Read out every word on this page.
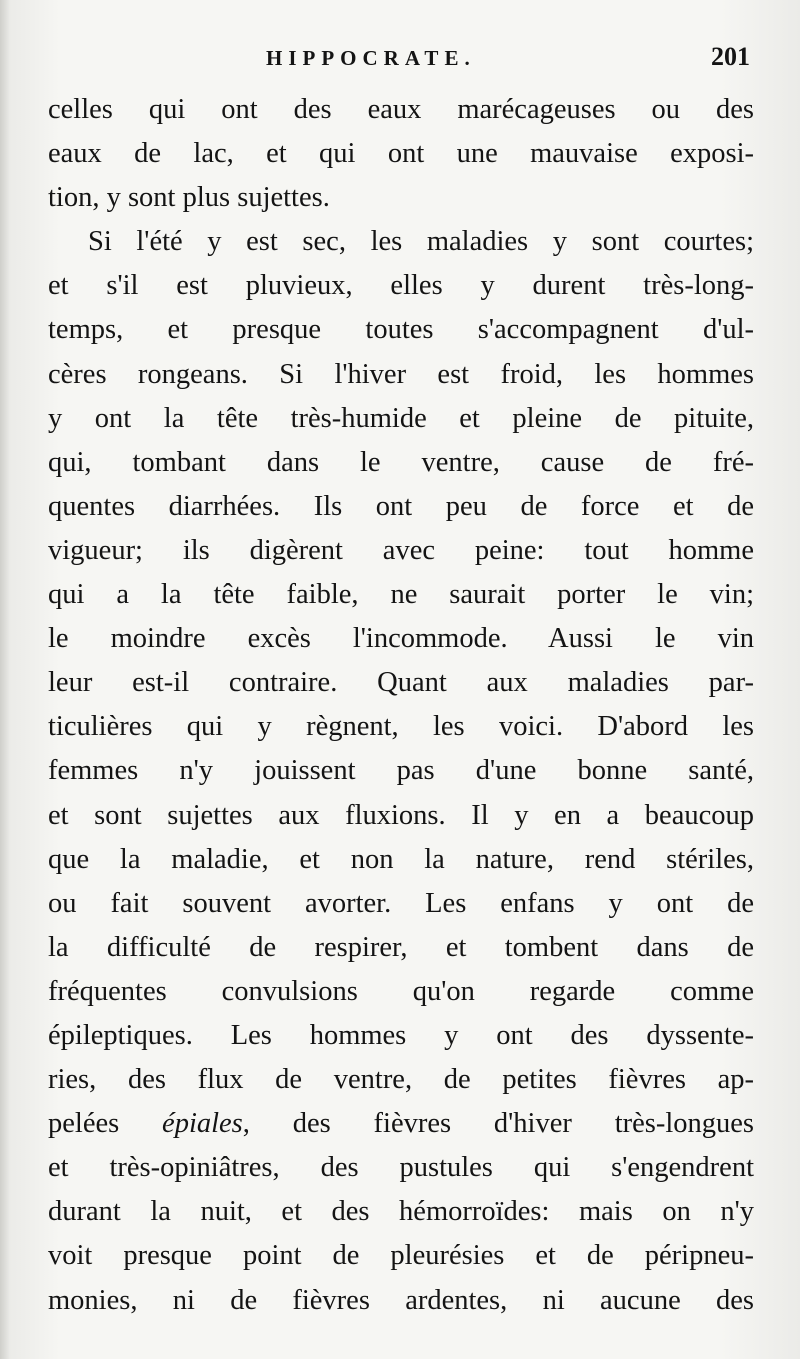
HIPPOCRATE.	201
celles qui ont des eaux marécageuses ou des
eaux de lac, et qui ont une mauvaise exposi-
tion, y sont plus sujettes.
Si l'été y est sec, les maladies y sont courtes;
et s'il est pluvieux, elles y durent très-long-
temps, et presque toutes s'accompagnent d'ul-
cères rongeans. Si l'hiver est froid, les hommes
y ont la tête très-humide et pleine de pituite,
qui, tombant dans le ventre, cause de fré-
quentes diarrhées. Ils ont peu de force et de
vigueur; ils digèrent avec peine: tout homme
qui a la tête faible, ne saurait porter le vin;
le moindre excès l'incommode. Aussi le vin
leur est-il contraire. Quant aux maladies par-
ticulières qui y règnent, les voici. D'abord les
femmes n'y jouissent pas d'une bonne santé,
et sont sujettes aux fluxions. Il y en a beaucoup
que la maladie, et non la nature, rend stériles,
ou fait souvent avorter. Les enfans y ont de
la difficulté de respirer, et tombent dans de
fréquentes convulsions qu'on regarde comme
épileptiques. Les hommes y ont des dyssente-
ries, des flux de ventre, de petites fièvres ap-
pelées épiales, des fièvres d'hiver très-longues
et très-opiniâtres, des pustules qui s'engendrent
durant la nuit, et des hémorroïdes: mais on n'y
voit presque point de pleurésies et de péripneu-
monies, ni de fièvres ardentes, ni aucune des
